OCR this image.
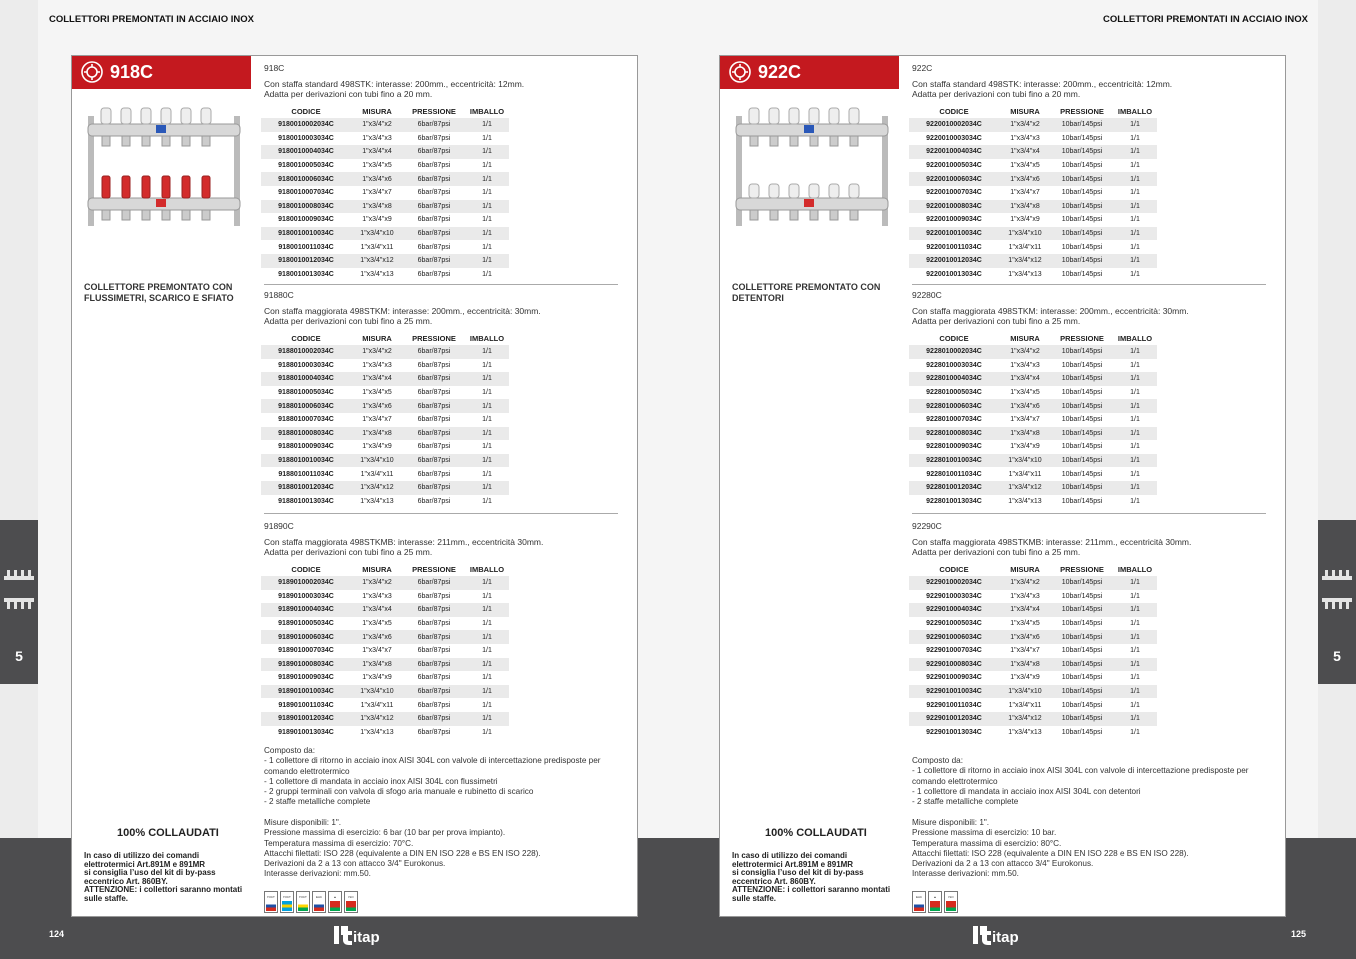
COLLETTORI PREMONTATI IN ACCIAIO INOX	COLLETTORI PREMONTATI IN ACCIAIO INOX
5	5
918C
COLLETTORE PREMONTATO CON FLUSSIMETRI, SCARICO E SFIATO
100% COLLAUDATI
In caso di utilizzo dei comandi
elettrotermici Art.891M e 891MR
si consiglia l’uso del kit di by-pass
eccentrico Art. 860BY.
ATTENZIONE: i collettori saranno montati
sulle staffe.
918C
Con staffa standard 498STK: interasse: 200mm., eccentricità: 12mm.
Adatta per derivazioni con tubi fino a 20 mm.
CODICE	MISURA	PRESSIONE	IMBALLO
9180010002034C	1"x3/4"x2	6bar/87psi	1/1
9180010003034C	1"x3/4"x3	6bar/87psi	1/1
9180010004034C	1"x3/4"x4	6bar/87psi	1/1
9180010005034C	1"x3/4"x5	6bar/87psi	1/1
9180010006034C	1"x3/4"x6	6bar/87psi	1/1
9180010007034C	1"x3/4"x7	6bar/87psi	1/1
9180010008034C	1"x3/4"x8	6bar/87psi	1/1
9180010009034C	1"x3/4"x9	6bar/87psi	1/1
9180010010034C	1"x3/4"x10	6bar/87psi	1/1
9180010011034C	1"x3/4"x11	6bar/87psi	1/1
9180010012034C	1"x3/4"x12	6bar/87psi	1/1
9180010013034C	1"x3/4"x13	6bar/87psi	1/1
91880C
Con staffa maggiorata 498STKM: interasse: 200mm., eccentricità: 30mm.
Adatta per derivazioni con tubi fino a 25 mm.
CODICE	MISURA	PRESSIONE	IMBALLO
9188010002034C	1"x3/4"x2	6bar/87psi	1/1
9188010003034C	1"x3/4"x3	6bar/87psi	1/1
9188010004034C	1"x3/4"x4	6bar/87psi	1/1
9188010005034C	1"x3/4"x5	6bar/87psi	1/1
9188010006034C	1"x3/4"x6	6bar/87psi	1/1
9188010007034C	1"x3/4"x7	6bar/87psi	1/1
9188010008034C	1"x3/4"x8	6bar/87psi	1/1
9188010009034C	1"x3/4"x9	6bar/87psi	1/1
9188010010034C	1"x3/4"x10	6bar/87psi	1/1
9188010011034C	1"x3/4"x11	6bar/87psi	1/1
9188010012034C	1"x3/4"x12	6bar/87psi	1/1
9188010013034C	1"x3/4"x13	6bar/87psi	1/1
91890C
Con staffa maggiorata 498STKMB: interasse: 211mm., eccentricità 30mm.
Adatta per derivazioni con tubi fino a 25 mm.
CODICE	MISURA	PRESSIONE	IMBALLO
9189010002034C	1"x3/4"x2	6bar/87psi	1/1
9189010003034C	1"x3/4"x3	6bar/87psi	1/1
9189010004034C	1"x3/4"x4	6bar/87psi	1/1
9189010005034C	1"x3/4"x5	6bar/87psi	1/1
9189010006034C	1"x3/4"x6	6bar/87psi	1/1
9189010007034C	1"x3/4"x7	6bar/87psi	1/1
9189010008034C	1"x3/4"x8	6bar/87psi	1/1
9189010009034C	1"x3/4"x9	6bar/87psi	1/1
9189010010034C	1"x3/4"x10	6bar/87psi	1/1
9189010011034C	1"x3/4"x11	6bar/87psi	1/1
9189010012034C	1"x3/4"x12	6bar/87psi	1/1
9189010013034C	1"x3/4"x13	6bar/87psi	1/1
Composto da:
- 1 collettore di ritorno in acciaio inox AISI 304L con valvole di intercettazione predisposte per
comando elettrotermico
- 1 collettore di mandata in acciaio inox AISI 304L con flussimetri
- 2 gruppi terminali con valvola di sfogo aria manuale e rubinetto di scarico
- 2 staffe metalliche complete
Misure disponibili: 1".
Pressione massima di esercizio: 6 bar (10 bar per prova impianto).
Temperatura massima di esercizio: 70°C.
Attacchi filettati: ISO 228 (equivalente a DIN EN ISO 228 e BS EN ISO 228).
Derivazioni da 2 a 13 con attacco 3/4" Eurokonus.
Interasse derivazioni: mm.50.
ГОСТ	ГОСТ	ГОСТ	ЕАС	▲	ISO
922C
COLLETTORE PREMONTATO CON DETENTORI
100% COLLAUDATI
In caso di utilizzo dei comandi
elettrotermici Art.891M e 891MR
si consiglia l’uso del kit di by-pass
eccentrico Art. 860BY.
ATTENZIONE: i collettori saranno montati
sulle staffe.
922C
Con staffa standard 498STK: interasse: 200mm., eccentricità: 12mm.
Adatta per derivazioni con tubi fino a 20 mm.
CODICE	MISURA	PRESSIONE	IMBALLO
9220010002034C	1"x3/4"x2	10bar/145psi	1/1
9220010003034C	1"x3/4"x3	10bar/145psi	1/1
9220010004034C	1"x3/4"x4	10bar/145psi	1/1
9220010005034C	1"x3/4"x5	10bar/145psi	1/1
9220010006034C	1"x3/4"x6	10bar/145psi	1/1
9220010007034C	1"x3/4"x7	10bar/145psi	1/1
9220010008034C	1"x3/4"x8	10bar/145psi	1/1
9220010009034C	1"x3/4"x9	10bar/145psi	1/1
9220010010034C	1"x3/4"x10	10bar/145psi	1/1
9220010011034C	1"x3/4"x11	10bar/145psi	1/1
9220010012034C	1"x3/4"x12	10bar/145psi	1/1
9220010013034C	1"x3/4"x13	10bar/145psi	1/1
92280C
Con staffa maggiorata 498STKM: interasse: 200mm., eccentricità: 30mm.
Adatta per derivazioni con tubi fino a 25 mm.
CODICE	MISURA	PRESSIONE	IMBALLO
9228010002034C	1"x3/4"x2	10bar/145psi	1/1
9228010003034C	1"x3/4"x3	10bar/145psi	1/1
9228010004034C	1"x3/4"x4	10bar/145psi	1/1
9228010005034C	1"x3/4"x5	10bar/145psi	1/1
9228010006034C	1"x3/4"x6	10bar/145psi	1/1
9228010007034C	1"x3/4"x7	10bar/145psi	1/1
9228010008034C	1"x3/4"x8	10bar/145psi	1/1
9228010009034C	1"x3/4"x9	10bar/145psi	1/1
9228010010034C	1"x3/4"x10	10bar/145psi	1/1
9228010011034C	1"x3/4"x11	10bar/145psi	1/1
9228010012034C	1"x3/4"x12	10bar/145psi	1/1
9228010013034C	1"x3/4"x13	10bar/145psi	1/1
92290C
Con staffa maggiorata 498STKMB: interasse: 211mm., eccentricità 30mm.
Adatta per derivazioni con tubi fino a 25 mm.
CODICE	MISURA	PRESSIONE	IMBALLO
9229010002034C	1"x3/4"x2	10bar/145psi	1/1
9229010003034C	1"x3/4"x3	10bar/145psi	1/1
9229010004034C	1"x3/4"x4	10bar/145psi	1/1
9229010005034C	1"x3/4"x5	10bar/145psi	1/1
9229010006034C	1"x3/4"x6	10bar/145psi	1/1
9229010007034C	1"x3/4"x7	10bar/145psi	1/1
9229010008034C	1"x3/4"x8	10bar/145psi	1/1
9229010009034C	1"x3/4"x9	10bar/145psi	1/1
9229010010034C	1"x3/4"x10	10bar/145psi	1/1
9229010011034C	1"x3/4"x11	10bar/145psi	1/1
9229010012034C	1"x3/4"x12	10bar/145psi	1/1
9229010013034C	1"x3/4"x13	10bar/145psi	1/1
Composto da:
- 1 collettore di ritorno in acciaio inox AISI 304L con valvole di intercettazione predisposte per
comando elettrotermico
- 1 collettore di mandata in acciaio inox AISI 304L con detentori
- 2 staffe metalliche complete
Misure disponibili: 1".
Pressione massima di esercizio: 10 bar.
Temperatura massima di esercizio: 80°C.
Attacchi filettati: ISO 228 (equivalente a DIN EN ISO 228 e BS EN ISO 228).
Derivazioni da 2 a 13 con attacco 3/4" Eurokonus.
Interasse derivazioni: mm.50.
ЕАС	▲	ISO
124	125
itap	itap
